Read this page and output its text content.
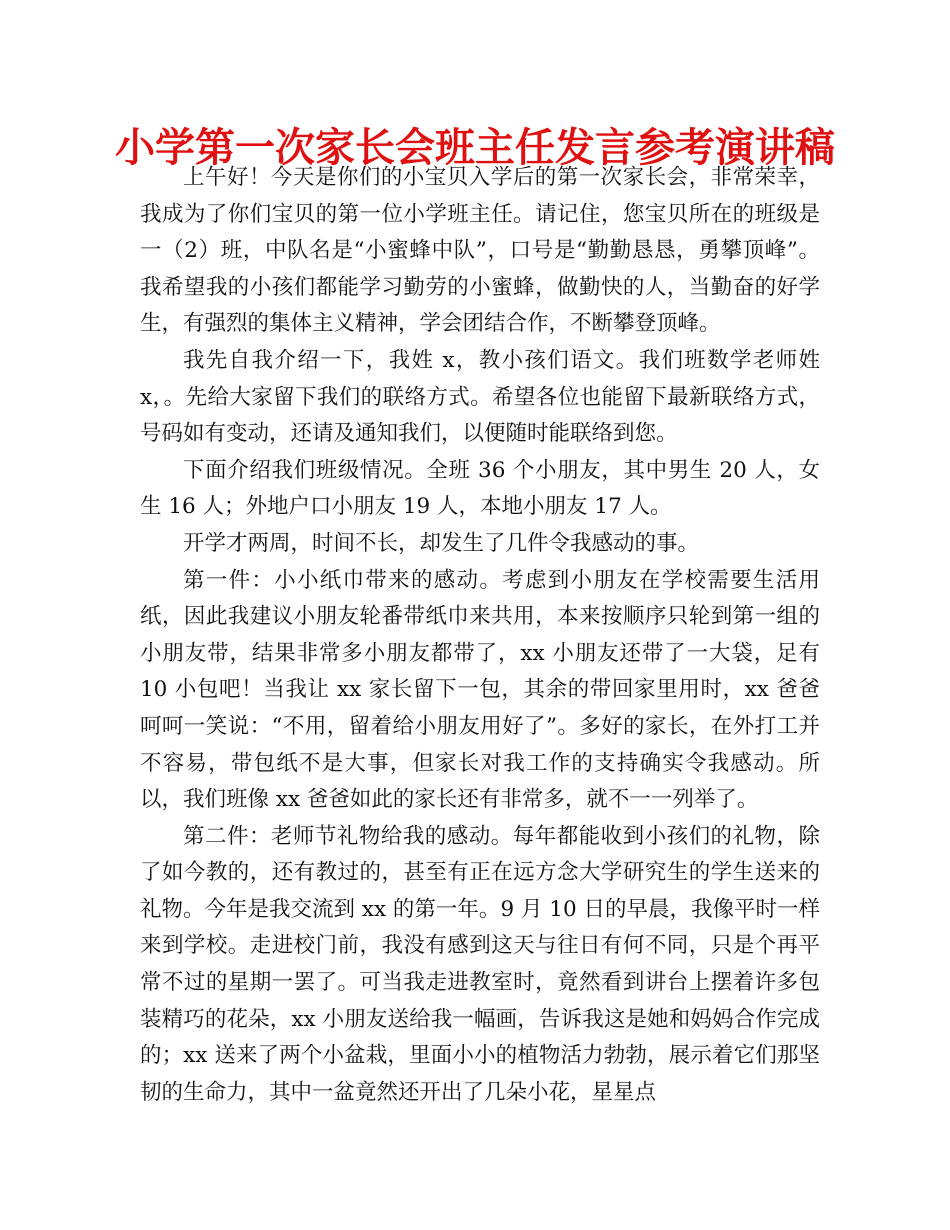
小学第一次家长会班主任发言参考演讲稿

上午好！今天是你们的小宝贝入学后的第一次家长会，非常荣幸，我成为了你们宝贝的第一位小学班主任。请记住，您宝贝所在的班级是一（2）班，中队名是“小蜜蜂中队”，口号是“勤勤恳恳，勇攀顶峰”。我希望我的小孩们都能学习勤劳的小蜜蜂，做勤快的人，当勤奋的好学生，有强烈的集体主义精神，学会团结合作，不断攀登顶峰。

我先自我介绍一下，我姓 x，教小孩们语文。我们班数学老师姓 x，。先给大家留下我们的联络方式。希望各位也能留下最新联络方式，号码如有变动，还请及通知我们，以便随时能联络到您。

下面介绍我们班级情况。全班 36 个小朋友，其中男生 20 人，女生 16 人；外地户口小朋友 19 人，本地小朋友 17 人。

开学才两周，时间不长，却发生了几件令我感动的事。

第一件：小小纸巾带来的感动。考虑到小朋友在学校需要生活用纸，因此我建议小朋友轮番带纸巾来共用，本来按顺序只轮到第一组的小朋友带，结果非常多小朋友都带了，xx 小朋友还带了一大袋，足有 10 小包吧！当我让 xx 家长留下一包，其余的带回家里用时，xx 爸爸呵呵一笑说：“不用，留着给小朋友用好了”。多好的家长，在外打工并不容易，带包纸不是大事，但家长对我工作的支持确实令我感动。所以，我们班像 xx 爸爸如此的家长还有非常多，就不一一列举了。

第二件：老师节礼物给我的感动。每年都能收到小孩们的礼物，除了如今教的，还有教过的，甚至有正在远方念大学研究生的学生送来的礼物。今年是我交流到 xx 的第一年。9 月 10 日的早晨，我像平时一样来到学校。走进校门前，我没有感到这天与往日有何不同，只是个再平常不过的星期一罢了。可当我走进教室时，竟然看到讲台上摆着许多包装精巧的花朵，xx 小朋友送给我一幅画，告诉我这是她和妈妈合作完成的；xx 送来了两个小盆栽，里面小小的植物活力勃勃，展示着它们那坚韧的生命力，其中一盆竟然还开出了几朵小花，星星点
